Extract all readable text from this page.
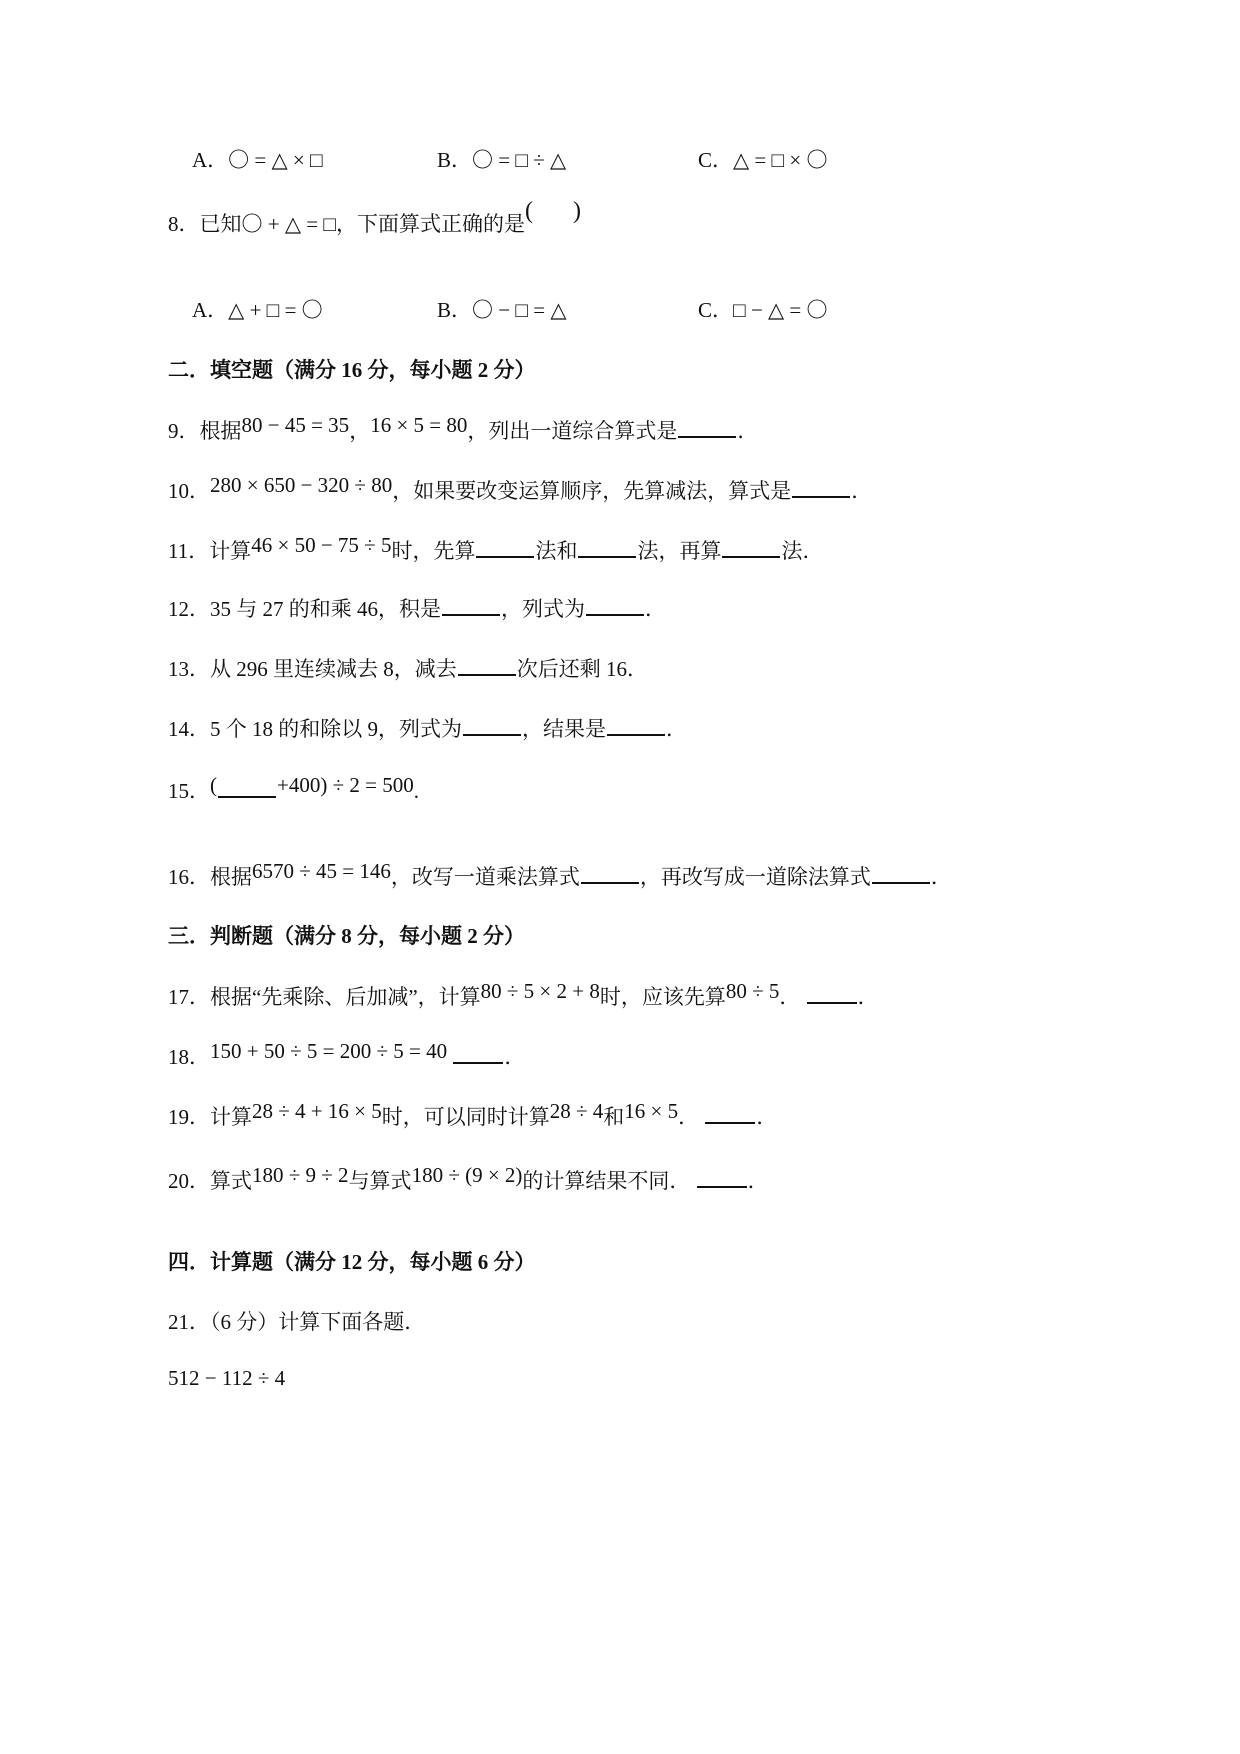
A．〇 = △ × □	B．〇 = □ ÷ △	C．△ = □ × 〇
8．已知〇 + △ = □，下面算式正确的是( )
A．△ + □ = 〇	B．〇 − □ = △	C．□ − △ = 〇
二．填空题（满分 16 分，每小题 2 分）
9．根据80 − 45 = 35，16 × 5 = 80，列出一道综合算式是	．
10．280 × 650 − 320 ÷ 80，如果要改变运算顺序，先算减法，算式是	．
11．计算46 × 50 − 75 ÷ 5时，先算	法和	法，再算	法．
12．35 与 27 的和乘 46，积是	，列式为	．
13．从 296 里连续减去 8，减去	次后还剩 16．
14．5 个 18 的和除以 9，列式为	，结果是	．
15．(	+400) ÷ 2 = 500.
16．根据6570 ÷ 45 = 146，改写一道乘法算式	，再改写成一道除法算式	．
三．判断题（满分 8 分，每小题 2 分）
17．根据“先乘除、后加减”，计算80 ÷ 5 × 2 + 8时，应该先算80 ÷ 5．	．
18．150 + 50 ÷ 5 = 200 ÷ 5 = 40	．
19．计算28 ÷ 4 + 16 × 5时，可以同时计算28 ÷ 4和16 × 5．	．
20．算式180 ÷ 9 ÷ 2与算式180 ÷ (9 × 2)的计算结果不同．	．
四．计算题（满分 12 分，每小题 6 分）
21．（6 分）计算下面各题．
512 − 112 ÷ 4
